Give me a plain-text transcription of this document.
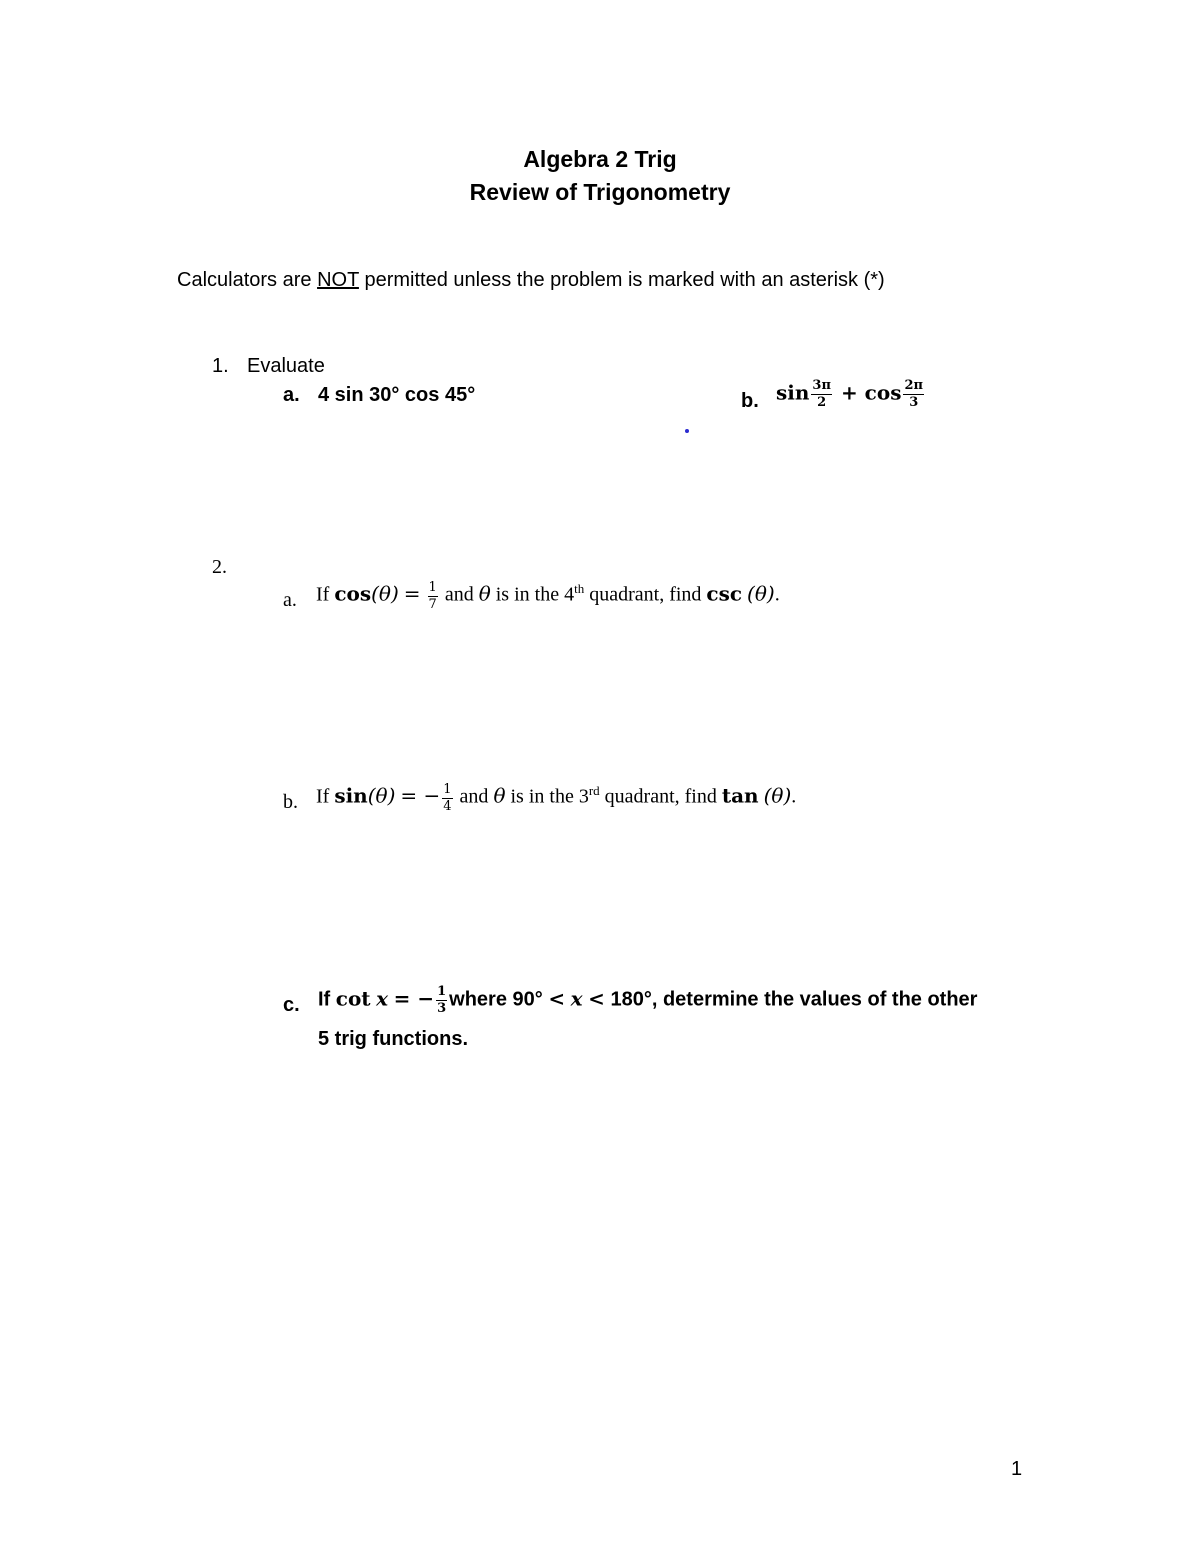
Algebra 2 Trig
Review of Trigonometry
Calculators are NOT permitted unless the problem is marked with an asterisk (*)
1. Evaluate
a. 4 sin 30° cos 45°	b. $\sin \frac{3\pi}{2} + \cos \frac{2\pi}{3}$
2.
a. If $\cos(\theta) = \frac{1}{7}$ and θ is in the 4th quadrant, find csc (θ).
b. If sin(θ) = − $\frac{1}{4}$ and θ is in the 3rd quadrant, find tan (θ).
c. If cot x = − $\frac{1}{3}$ where 90° < x < 180°, determine the values of the other
5 trig functions.
1
